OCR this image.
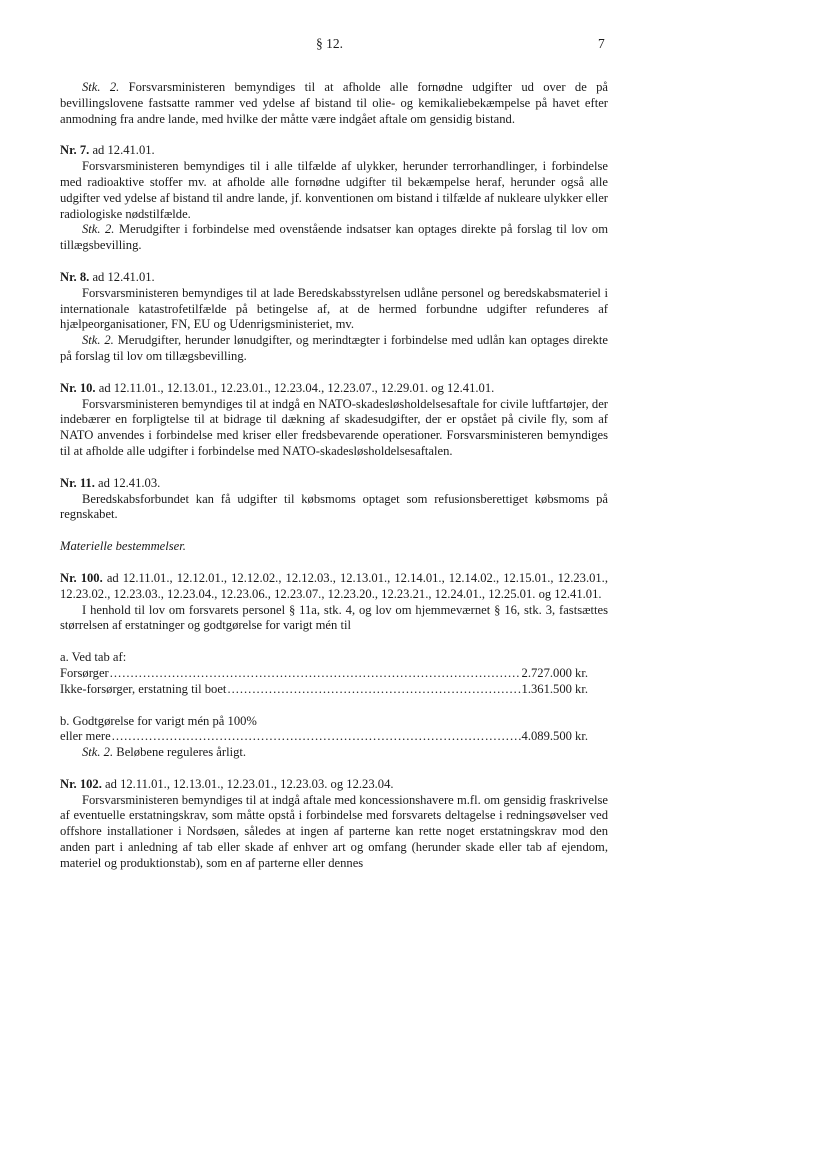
§ 12.	7

Stk. 2. Forsvarsministeren bemyndiges til at afholde alle fornødne udgifter ud over de på bevillingslovene fastsatte rammer ved ydelse af bistand til olie- og kemikaliebekæmpelse på havet efter anmodning fra andre lande, med hvilke der måtte være indgået aftale om gensidig bistand.

Nr. 7. ad 12.41.01.

Forsvarsministeren bemyndiges til i alle tilfælde af ulykker, herunder terrorhandlinger, i forbindelse med radioaktive stoffer mv. at afholde alle fornødne udgifter til bekæmpelse heraf, herunder også alle udgifter ved ydelse af bistand til andre lande, jf. konventionen om bistand i tilfælde af nukleare ulykker eller radiologiske nødstilfælde.

Stk. 2. Merudgifter i forbindelse med ovenstående indsatser kan optages direkte på forslag til lov om tillægsbevilling.

Nr. 8. ad 12.41.01.

Forsvarsministeren bemyndiges til at lade Beredskabsstyrelsen udlåne personel og beredskabsmateriel i internationale katastrofetilfælde på betingelse af, at de hermed forbundne udgifter refunderes af hjælpeorganisationer, FN, EU og Udenrigsministeriet, mv.

Stk. 2. Merudgifter, herunder lønudgifter, og merindtægter i forbindelse med udlån kan optages direkte på forslag til lov om tillægsbevilling.

Nr. 10. ad 12.11.01., 12.13.01., 12.23.01., 12.23.04., 12.23.07., 12.29.01. og 12.41.01.

Forsvarsministeren bemyndiges til at indgå en NATO-skadesløsholdelsesaftale for civile luftfartøjer, der indebærer en forpligtelse til at bidrage til dækning af skadesudgifter, der er opstået på civile fly, som af NATO anvendes i forbindelse med kriser eller fredsbevarende operationer. Forsvarsministeren bemyndiges til at afholde alle udgifter i forbindelse med NATO-skadesløsholdelsesaftalen.

Nr. 11. ad 12.41.03.

Beredskabsforbundet kan få udgifter til købsmoms optaget som refusionsberettiget købsmoms på regnskabet.

Materielle bestemmelser.

Nr. 100. ad 12.11.01., 12.12.01., 12.12.02., 12.12.03., 12.13.01., 12.14.01., 12.14.02., 12.15.01., 12.23.01., 12.23.02., 12.23.03., 12.23.04., 12.23.06., 12.23.07., 12.23.20., 12.23.21., 12.24.01., 12.25.01. og 12.41.01.

I henhold til lov om forsvarets personel § 11a, stk. 4, og lov om hjemmeværnet § 16, stk. 3, fastsættes størrelsen af erstatninger og godtgørelse for varigt mén til

a. Ved tab af:

Forsørger .....	2.727.000 kr.
Ikke-forsørger, erstatning til boet .....	1.361.500 kr.

b. Godtgørelse for varigt mén på 100%

eller mere .....	4.089.500 kr.

Stk. 2. Beløbene reguleres årligt.

Nr. 102. ad 12.11.01., 12.13.01., 12.23.01., 12.23.03. og 12.23.04.

Forsvarsministeren bemyndiges til at indgå aftale med koncessionshavere m.fl. om gensidig fraskrivelse af eventuelle erstatningskrav, som måtte opstå i forbindelse med forsvarets deltagelse i redningsøvelser ved offshore installationer i Nordsøen, således at ingen af parterne kan rette noget erstatningskrav mod den anden part i anledning af tab eller skade af enhver art og omfang (herunder skade eller tab af ejendom, materiel og produktionstab), som en af parterne eller dennes
